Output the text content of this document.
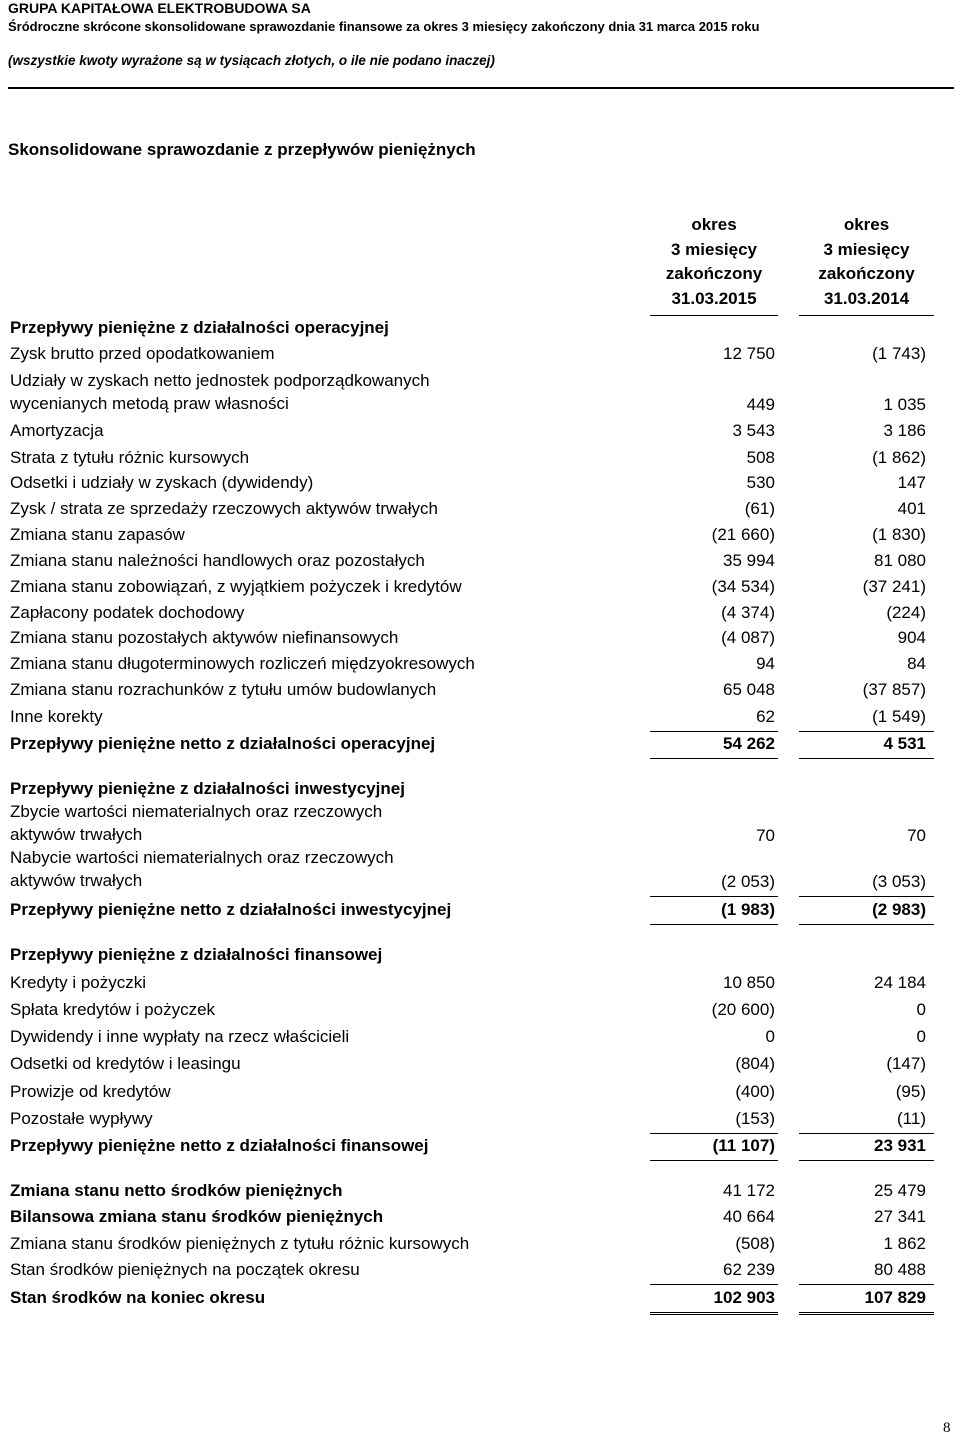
GRUPA KAPITAŁOWA ELEKTROBUDOWA SA
Śródroczne skrócone skonsolidowane sprawozdanie finansowe za okres 3 miesięcy zakończony dnia 31 marca 2015 roku
(wszystkie kwoty wyrażone są w tysiącach złotych, o ile nie podano inaczej)
Skonsolidowane sprawozdanie z przepływów pieniężnych
okres
3 miesięcy
zakończony
31.03.2015
okres
3 miesięcy
zakończony
31.03.2014
Przepływy pieniężne z działalności operacyjnej
Zysk brutto przed opodatkowaniem	12 750	(1 743)
Udziały w zyskach netto jednostek podporządkowanych
wycenianych metodą praw własności	449	1 035
Amortyzacja	3 543	3 186
Strata z tytułu różnic kursowych	508	(1 862)
Odsetki i udziały w zyskach (dywidendy)	530	147
Zysk / strata ze sprzedaży rzeczowych aktywów trwałych	(61)	401
Zmiana stanu zapasów	(21 660)	(1 830)
Zmiana stanu należności handlowych oraz pozostałych	35 994	81 080
Zmiana stanu zobowiązań, z wyjątkiem pożyczek i kredytów	(34 534)	(37 241)
Zapłacony podatek dochodowy	(4 374)	(224)
Zmiana stanu pozostałych aktywów niefinansowych	(4 087)	904
Zmiana stanu długoterminowych rozliczeń międzyokresowych	94	84
Zmiana stanu rozrachunków z tytułu umów budowlanych	65 048	(37 857)
Inne korekty	62	(1 549)
Przepływy pieniężne netto z działalności operacyjnej	54 262	4 531
Przepływy pieniężne z działalności inwestycyjnej
Zbycie wartości niematerialnych oraz rzeczowych
aktywów trwałych	70	70
Nabycie wartości niematerialnych oraz rzeczowych
aktywów trwałych	(2 053)	(3 053)
Przepływy pieniężne netto z działalności inwestycyjnej	(1 983)	(2 983)
Przepływy pieniężne z działalności finansowej
Kredyty i pożyczki	10 850	24 184
Spłata kredytów i pożyczek	(20 600)	0
Dywidendy i inne wypłaty na rzecz właścicieli	0	0
Odsetki od kredytów i leasingu	(804)	(147)
Prowizje od kredytów	(400)	(95)
Pozostałe wypływy	(153)	(11)
Przepływy pieniężne netto z działalności finansowej	(11 107)	23 931
Zmiana stanu netto środków pieniężnych	41 172	25 479
Bilansowa zmiana stanu środków pieniężnych	40 664	27 341
Zmiana stanu środków pieniężnych z tytułu różnic kursowych	(508)	1 862
Stan środków pieniężnych na początek okresu	62 239	80 488
Stan środków na koniec okresu	102 903	107 829
8
